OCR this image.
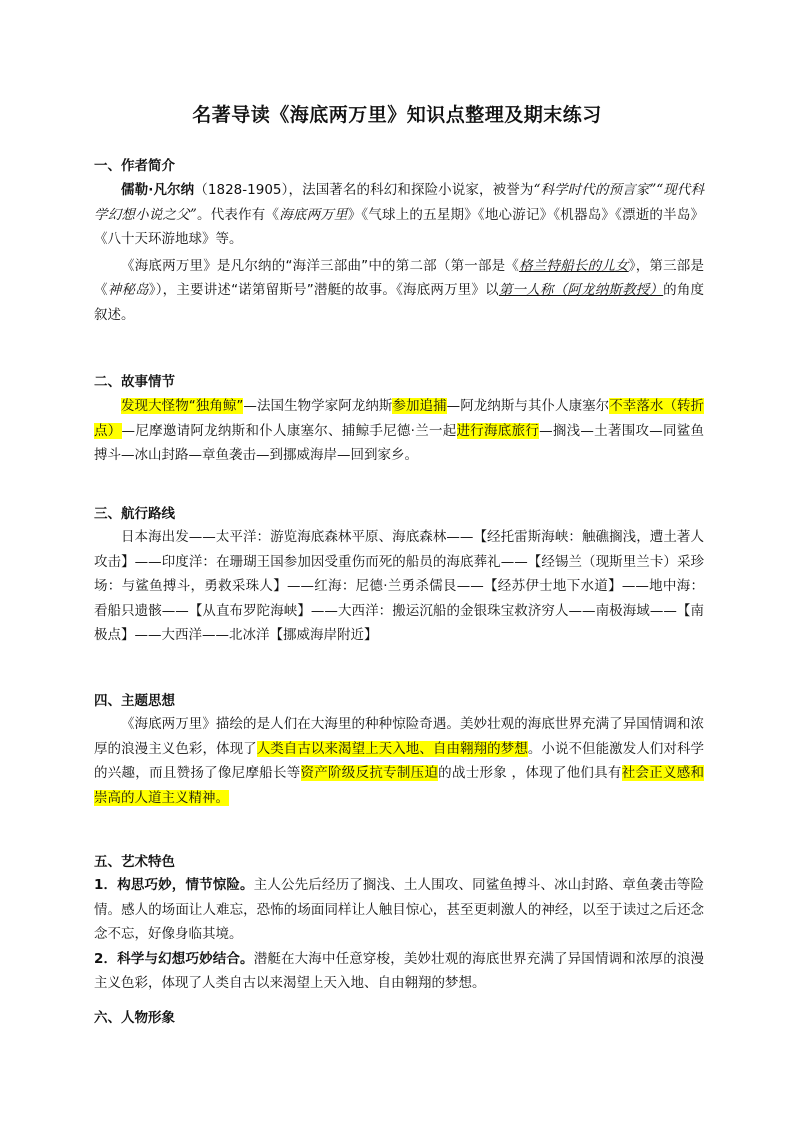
名著导读《海底两万里》知识点整理及期末练习
一、作者简介

儒勒·凡尔纳（1828-1905），法国著名的科幻和探险小说家，被誉为“科学时代的预言家”“现代科学幻想小说之父”。代表作有《海底两万里》《气球上的五星期》《地心游记》《机器岛》《漂逝的半岛》《八十天环游地球》等。

《海底两万里》是凡尔纳的“海洋三部曲”中的第二部（第一部是《格兰特船长的儿女》，第三部是《神秘岛》），主要讲述“诺第留斯号”潜艇的故事。《海底两万里》以第一人称（阿龙纳斯教授）的角度叙述。

二、故事情节
发现大怪物“独角鲸”—法国生物学家阿龙纳斯参加追捕—阿龙纳斯与其仆人康塞尔不幸落水（转折点）—尼摩邀请阿龙纳斯和仆人康塞尔、捕鲸手尼德·兰一起进行海底旅行—搁浅—土著围攻—同鲨鱼搏斗—冰山封路—章鱼袭击—到挪威海岸—回到家乡。
三、航行路线
日本海出发——太平洋：游览海底森林平原、海底森林——【经托雷斯海峡：触礁搁浅，遭土著人攻击】——印度洋：在珊瑚王国参加因受重伤而死的船员的海底葬礼——【经锡兰（现斯里兰卡）采珍场：与鲨鱼搏斗，勇救采珠人】——红海：尼德·兰勇杀儒艮——【经苏伊士地下水道】——地中海：看船只遗骸——【从直布罗陀海峡】——大西洋：搬运沉船的金银珠宝救济穷人——南极海域——【南极点】——大西洋——北冰洋【挪威海岸附近】
四、主题思想
《海底两万里》描绘的是人们在大海里的种种惊险奇遇。美妙壮观的海底世界充满了异国情调和浓厚的浪漫主义色彩，体现了人类自古以来渴望上天入地、自由翱翔的梦想。小说不但能激发人们对科学的兴趣，而且赞扬了像尼摩船长等资产阶级反抗专制压迫的战士形象 ，体现了他们具有社会正义感和崇高的人道主义精神。
五、艺术特色

1．构思巧妙，情节惊险。主人公先后经历了搁浅、土人围攻、同鲨鱼搏斗、冰山封路、章鱼袭击等险情。感人的场面让人难忘，恐怖的场面同样让人触目惊心，甚至更刺激人的神经，以至于读过之后还念念不忘，好像身临其境。

2．科学与幻想巧妙结合。潜艇在大海中任意穿梭，美妙壮观的海底世界充满了异国情调和浓厚的浪漫主义色彩，体现了人类自古以来渴望上天入地、自由翱翔的梦想。

六、人物形象
